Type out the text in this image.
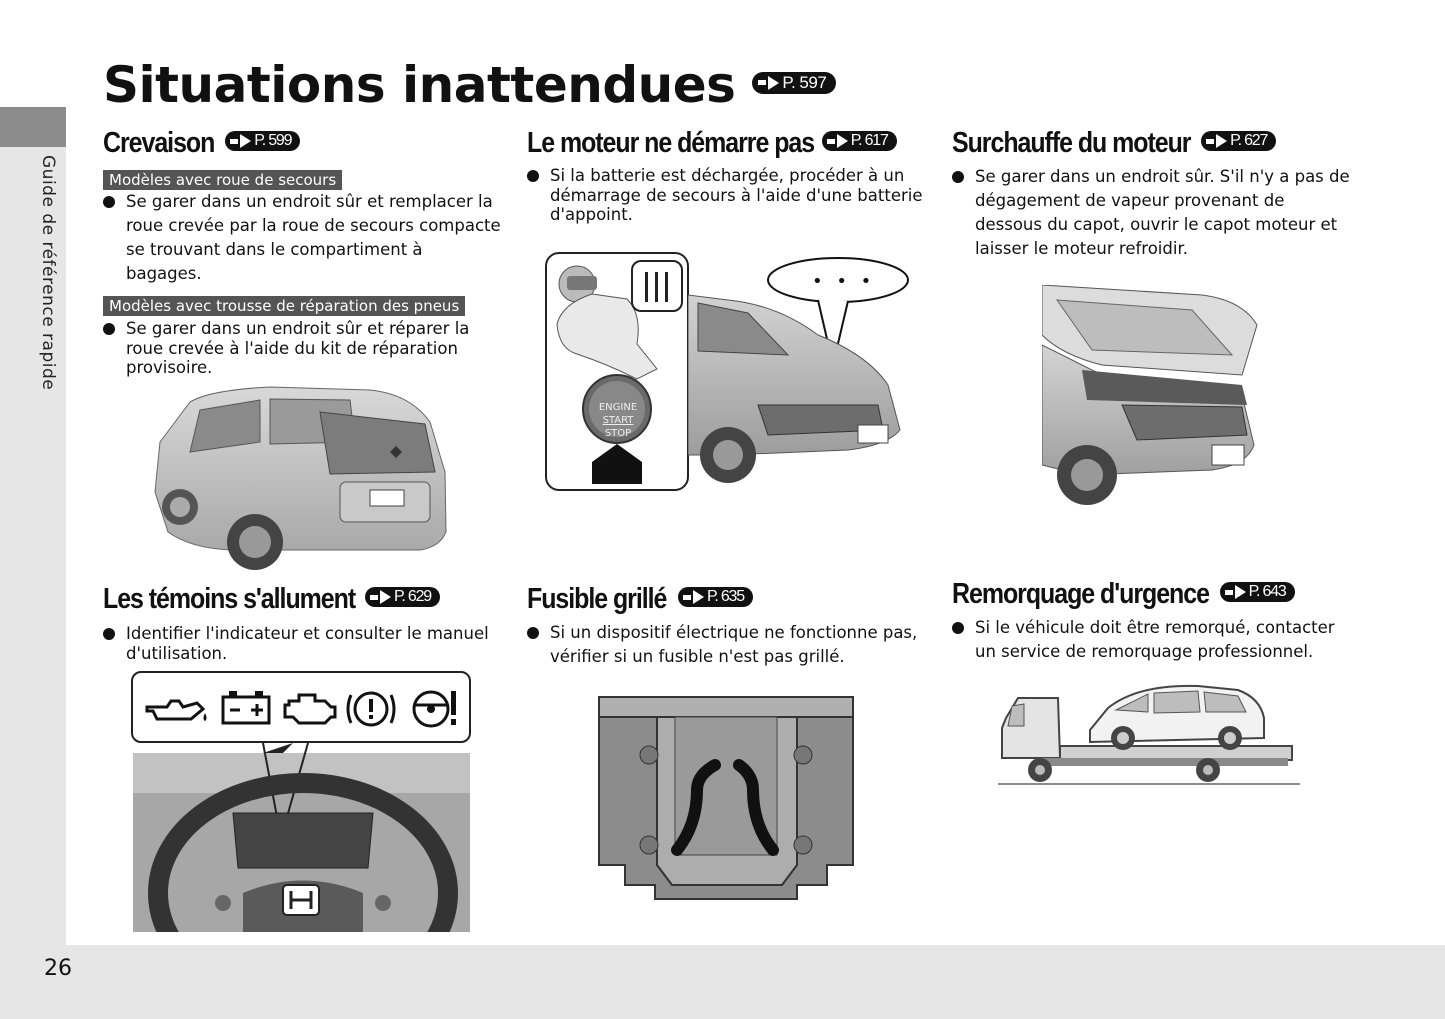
Guide de référence rapide
26
Situations inattendues	P. 597
Crevaison P. 599
Modèles avec roue de secours
Se garer dans un endroit sûr et remplacer la roue crevée par la roue de secours compacte se trouvant dans le compartiment à bagages.
Modèles avec trousse de réparation des pneus
Se garer dans un endroit sûr et réparer la roue crevée à l'aide du kit de réparation provisoire.
Le moteur ne démarre pas P. 617
Si la batterie est déchargée, procéder à un démarrage de secours à l'aide d'une batterie d'appoint.
ENGINE
START
STOP
• • •
Surchauffe du moteur P. 627
Se garer dans un endroit sûr. S'il n'y a pas de dégagement de vapeur provenant de dessous du capot, ouvrir le capot moteur et laisser le moteur refroidir.
Les témoins s'allument P. 629
Identifier l'indicateur et consulter le manuel d'utilisation.
Fusible grillé	P. 635
Si un dispositif électrique ne fonctionne pas, vérifier si un fusible n'est pas grillé.
Remorquage d'urgence P. 643
Si le véhicule doit être remorqué, contacter un service de remorquage professionnel.
